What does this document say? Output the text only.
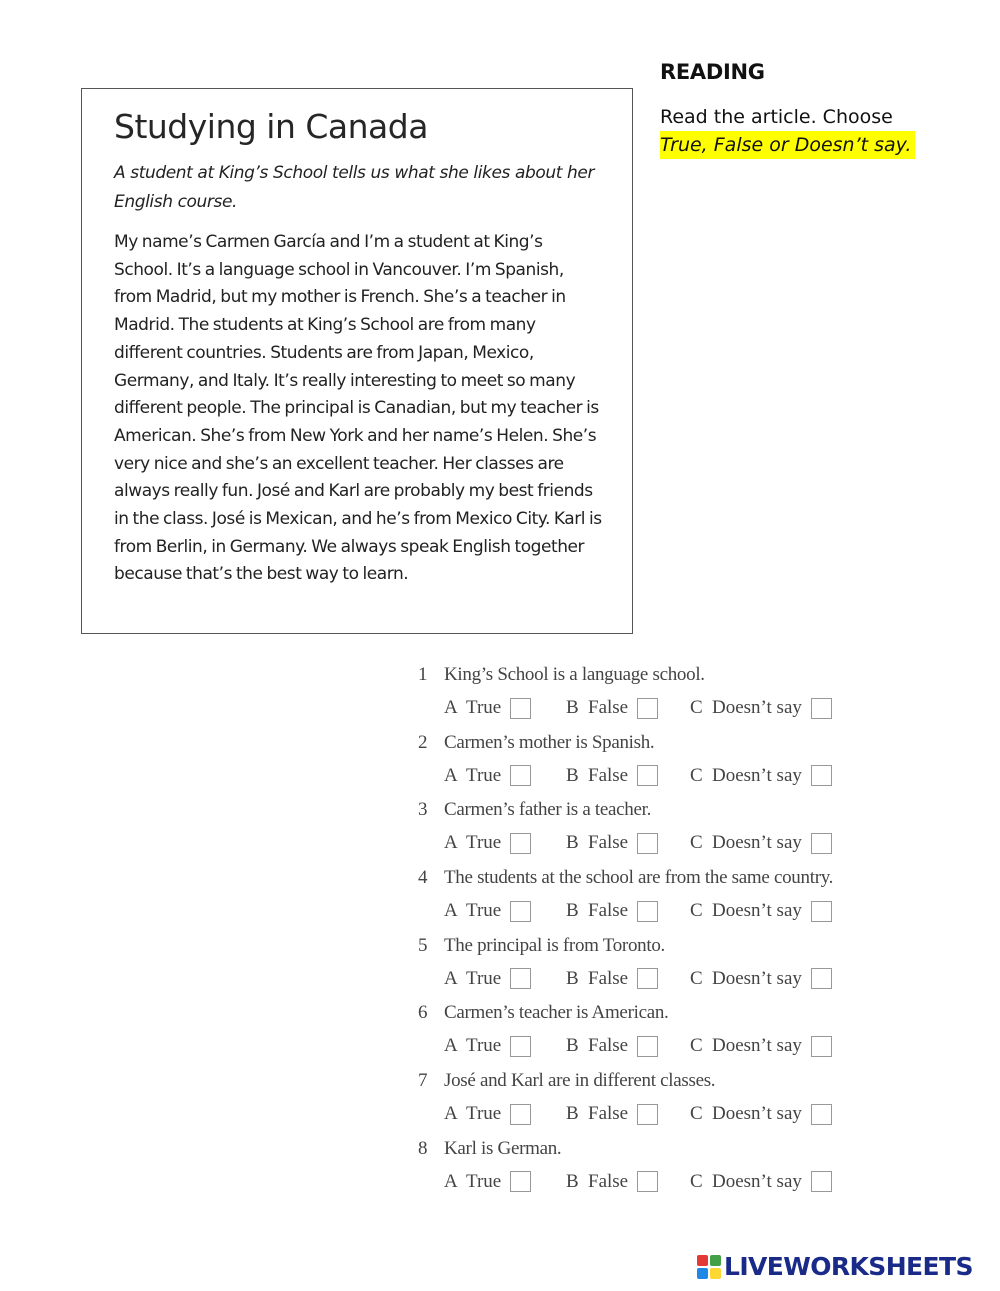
READING
Read the article. Choose
True, False or Doesn’t say.
Studying in Canada
A student at King’s School tells us what she likes about her English course.
My name’s Carmen García and I’m a student at King’s School. It’s a language school in Vancouver. I’m Spanish, from Madrid, but my mother is French. She’s a teacher in Madrid. The students at King’s School are from many different countries. Students are from Japan, Mexico, Germany, and Italy. It’s really interesting to meet so many different people. The principal is Canadian, but my teacher is American. She’s from New York and her name’s Helen. She’s very nice and she’s an excellent teacher. Her classes are always really fun. José and Karl are probably my best friends in the class. José is Mexican, and he’s from Mexico City. Karl is from Berlin, in Germany. We always speak English together because that’s the best way to learn.
1 King’s School is a language school.
A True	B False	C Doesn’t say
2 Carmen’s mother is Spanish.
A True	B False	C Doesn’t say
3 Carmen’s father is a teacher.
A True	B False	C Doesn’t say
4 The students at the school are from the same country.
A True	B False	C Doesn’t say
5 The principal is from Toronto.
A True	B False	C Doesn’t say
6 Carmen’s teacher is American.
A True	B False	C Doesn’t say
7 José and Karl are in different classes.
A True	B False	C Doesn’t say
8 Karl is German.
A True	B False	C Doesn’t say
LIVEWORKSHEETS
